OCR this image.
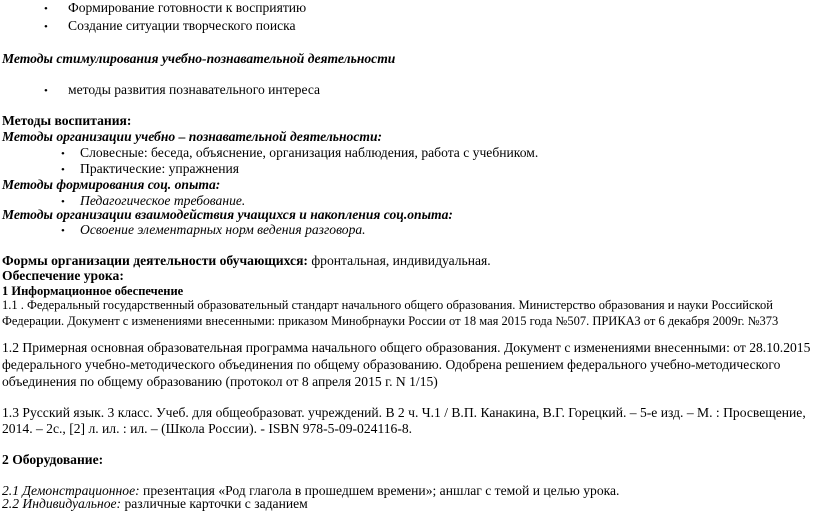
• Формирование готовности к восприятию
• Создание ситуации творческого поиска
Методы стимулирования учебно-познавательной деятельности
• методы развития познавательного интереса
Методы воспитания:
Методы организации учебно – познавательной деятельности:
• Словесные: беседа, объяснение, организация наблюдения, работа с учебником.
• Практические: упражнения
Методы формирования соц. опыта:
• Педагогическое требование.
Методы организации взаимодействия учащихся и накопления соц.опыта:
• Освоение элементарных норм ведения разговора.
Формы организации деятельности обучающихся: фронтальная, индивидуальная.
Обеспечение урока:
1 Информационное обеспечение
1.1 . Федеральный государственный образовательный стандарт начального общего образования. Министерство образования и науки Российской
Федерации. Документ с изменениями внесенными: приказом Минобрнауки России от 18 мая 2015 года №507. ПРИКАЗ от 6 декабря 2009г. №373
1.2 Примерная основная образовательная программа начального общего образования. Документ с изменениями внесенными: от 28.10.2015
федерального учебно-методического объединения по общему образованию. Одобрена решением федерального учебно-методического
объединения по общему образованию (протокол от 8 апреля 2015 г. N 1/15)
1.3 Русский язык. 3 класс. Учеб. для общеобразоват. учреждений. В 2 ч. Ч.1 / В.П. Канакина, В.Г. Горецкий. – 5-е изд. – М. : Просвещение,
2014. – 2с., [2] л. ил. : ил. – (Школа России). - ISBN 978-5-09-024116-8.
2 Оборудование:
2.1 Демонстрационное: презентация «Род глагола в прошедшем времени»; аншлаг с темой и целью урока.
2.2 Индивидуальное: различные карточки с заданием
